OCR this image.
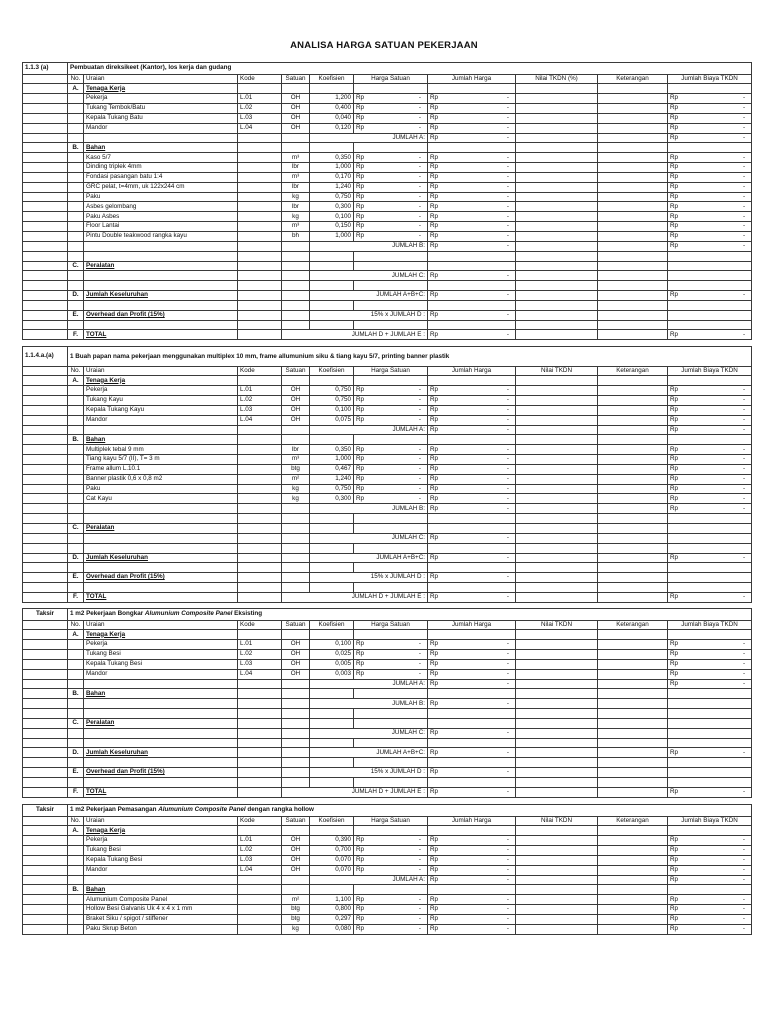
ANALISA HARGA SATUAN PEKERJAAN
1.1.3 (a)	Pembuatan direksikeet (Kantor), los kerja dan gudang									
	No.	Uraian	Kode	Satuan	Koefisien	Harga Satuan	Jumlah Harga	Nilai TKDN (%)	Keterangan	Jumlah Biaya TKDN
	A.	Tenaga Kerja								
		Pekerja	L.01	OH	1,200	Rp -	Rp -			Rp -

		Tukang Tembok/Batu	L.02	OH	0,400	Rp -	Rp -			Rp -

		Kepala Tukang Batu	L.03	OH	0,040	Rp -	Rp -			Rp -

		Mandor	L.04	OH	0,120	Rp -	Rp -			Rp -

					JUMLAH A:		Rp -			Rp -

	B.	Bahan								
		Kaso 5/7		m³	0,350	Rp -	Rp -			Rp -

		Dinding triplek 4mm		lbr	1,000	Rp -	Rp -			Rp -

		Fondasi pasangan batu 1:4		m³	0,170	Rp -	Rp -			Rp -

		GRC pelat, t=4mm, uk 122x244 cm		lbr	1,240	Rp -	Rp -			Rp -

		Paku		kg	0,750	Rp -	Rp -			Rp -

		Asbes gelombang		lbr	0,300	Rp -	Rp -			Rp -

		Paku Asbes		kg	0,100	Rp -	Rp -			Rp -

		Floor Lantai		m³	0,150	Rp -	Rp -			Rp -

		Pintu Double teakwood rangka kayu		bh	1,000	Rp -	Rp -			Rp -

					JUMLAH B:		Rp -			Rp -

	C.	Peralatan								
					JUMLAH C:		Rp -			

	D.	Jumlah Keseluruhan			JUMLAH A+B+C:		Rp -			Rp -

	E.	Overhead dan Profit (15%)			15% x JUMLAH D :		Rp -			

	F.	TOTAL		JUMLAH D + JUMLAH E :			Rp -			Rp -
1.1.4.a.(a)	1 Buah papan nama pekerjaan menggunakan multiplex 10 mm, frame allumunium siku & tiang kayu 5/7, printing banner plastik									
	No.	Uraian	Kode	Satuan	Koefisien	Harga Satuan	Jumlah Harga	Nilai TKDN	Keterangan	Jumlah Biaya TKDN
	A.	Tenaga Kerja								
		Pekerja	L.01	OH	0,750	Rp -	Rp -			Rp -

		Tukang Kayu	L.02	OH	0,750	Rp -	Rp -			Rp -

		Kepala Tukang Kayu	L.03	OH	0,100	Rp -	Rp -			Rp -

		Mandor	L.04	OH	0,075	Rp -	Rp -			Rp -

					JUMLAH A:		Rp -			Rp -

	B.	Bahan								
		Multiplek tebal 9 mm		lbr	0,350	Rp -	Rp -			Rp -

		Tiang kayu 5/7 (II), T= 3 m		m³	1,000	Rp -	Rp -			Rp -

		Frame allum L.10.1		btg	0,467	Rp -	Rp -			Rp -

		Banner plastik 0,6 x 0,8 m2		m²	1,240	Rp -	Rp -			Rp -

		Paku		kg	0,750	Rp -	Rp -			Rp -

		Cat Kayu		kg	0,300	Rp -	Rp -			Rp -

					JUMLAH B:		Rp -			Rp -

	C.	Peralatan								
					JUMLAH C:		Rp -			

	D.	Jumlah Keseluruhan			JUMLAH A+B+C:		Rp -			Rp -

	E.	Overhead dan Profit (15%)			15% x JUMLAH D :		Rp -			

	F.	TOTAL		JUMLAH D + JUMLAH E :			Rp -			Rp -
Taksir	1 m2 Pekerjaan Bongkar Alumunium Composite Panel Eksisting									
	No.	Uraian	Kode	Satuan	Koefisien	Harga Satuan	Jumlah Harga	Nilai TKDN	Keterangan	Jumlah Biaya TKDN
	A.	Tenaga Kerja								
		Pekerja	L.01	OH	0,100	Rp -	Rp -			Rp -

		Tukang Besi	L.02	OH	0,025	Rp -	Rp -			Rp -

		Kepala Tukang Besi	L.03	OH	0,005	Rp -	Rp -			Rp -

		Mandor	L.04	OH	0,003	Rp -	Rp -			Rp -

					JUMLAH A:		Rp -			Rp -

	B.	Bahan								
					JUMLAH B:		Rp -			

	C.	Peralatan								
					JUMLAH C:		Rp -			

	D.	Jumlah Keseluruhan			JUMLAH A+B+C:		Rp -			Rp -

	E.	Overhead dan Profit (15%)			15% x JUMLAH D :		Rp -			

	F.	TOTAL		JUMLAH D + JUMLAH E :			Rp -			Rp -
Taksir	1 m2 Pekerjaan Pemasangan Alumunium Composite Panel dengan rangka hollow									
	No.	Uraian	Kode	Satuan	Koefisien	Harga Satuan	Jumlah Harga	Nilai TKDN	Keterangan	Jumlah Biaya TKDN
	A.	Tenaga Kerja								
		Pekerja	L.01	OH	0,390	Rp -	Rp -			Rp -

		Tukang Besi	L.02	OH	0,700	Rp -	Rp -			Rp -

		Kepala Tukang Besi	L.03	OH	0,070	Rp -	Rp -			Rp -

		Mandor	L.04	OH	0,070	Rp -	Rp -			Rp -

					JUMLAH A:		Rp -			Rp -

	B.	Bahan								
		Alumunium Composite Panel		m²	1,100	Rp -	Rp -			Rp -

		Hollow Besi Galvanis Uk 4 x 4 x 1 mm		btg	0,800	Rp -	Rp -			Rp -

		Braket Siku / spigot / stiffener		btg	0,297	Rp -	Rp -			Rp -

		Paku Skrup Beton		kg	0,080	Rp -	Rp -			Rp -
